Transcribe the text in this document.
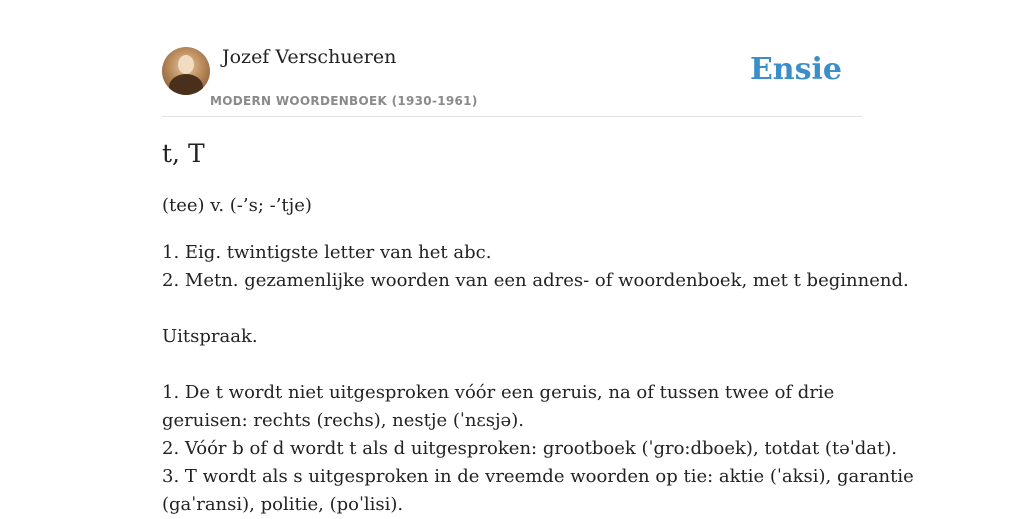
Jozef Verschueren
MODERN WOORDENBOEK (1930-1961)
Ensie
t, T
(tee) v. (-’s; -’tje)
1. Eig. twintigste letter van het abc.
2. Metn. gezamenlijke woorden van een adres- of woordenboek, met t beginnend.
Uitspraak.
1. De t wordt niet uitgesproken vóór een geruis, na of tussen twee of drie
geruisen: rechts (rechs), nestje (ˈnɛsjə).
2. Vóór b of d wordt t als d uitgesproken: grootboek (ˈgro:dboek), totdat (təˈdat).
3. T wordt als s uitgesproken in de vreemde woorden op tie: aktie (ˈaksi), garantie
(gaˈransi), politie, (poˈlisi).
